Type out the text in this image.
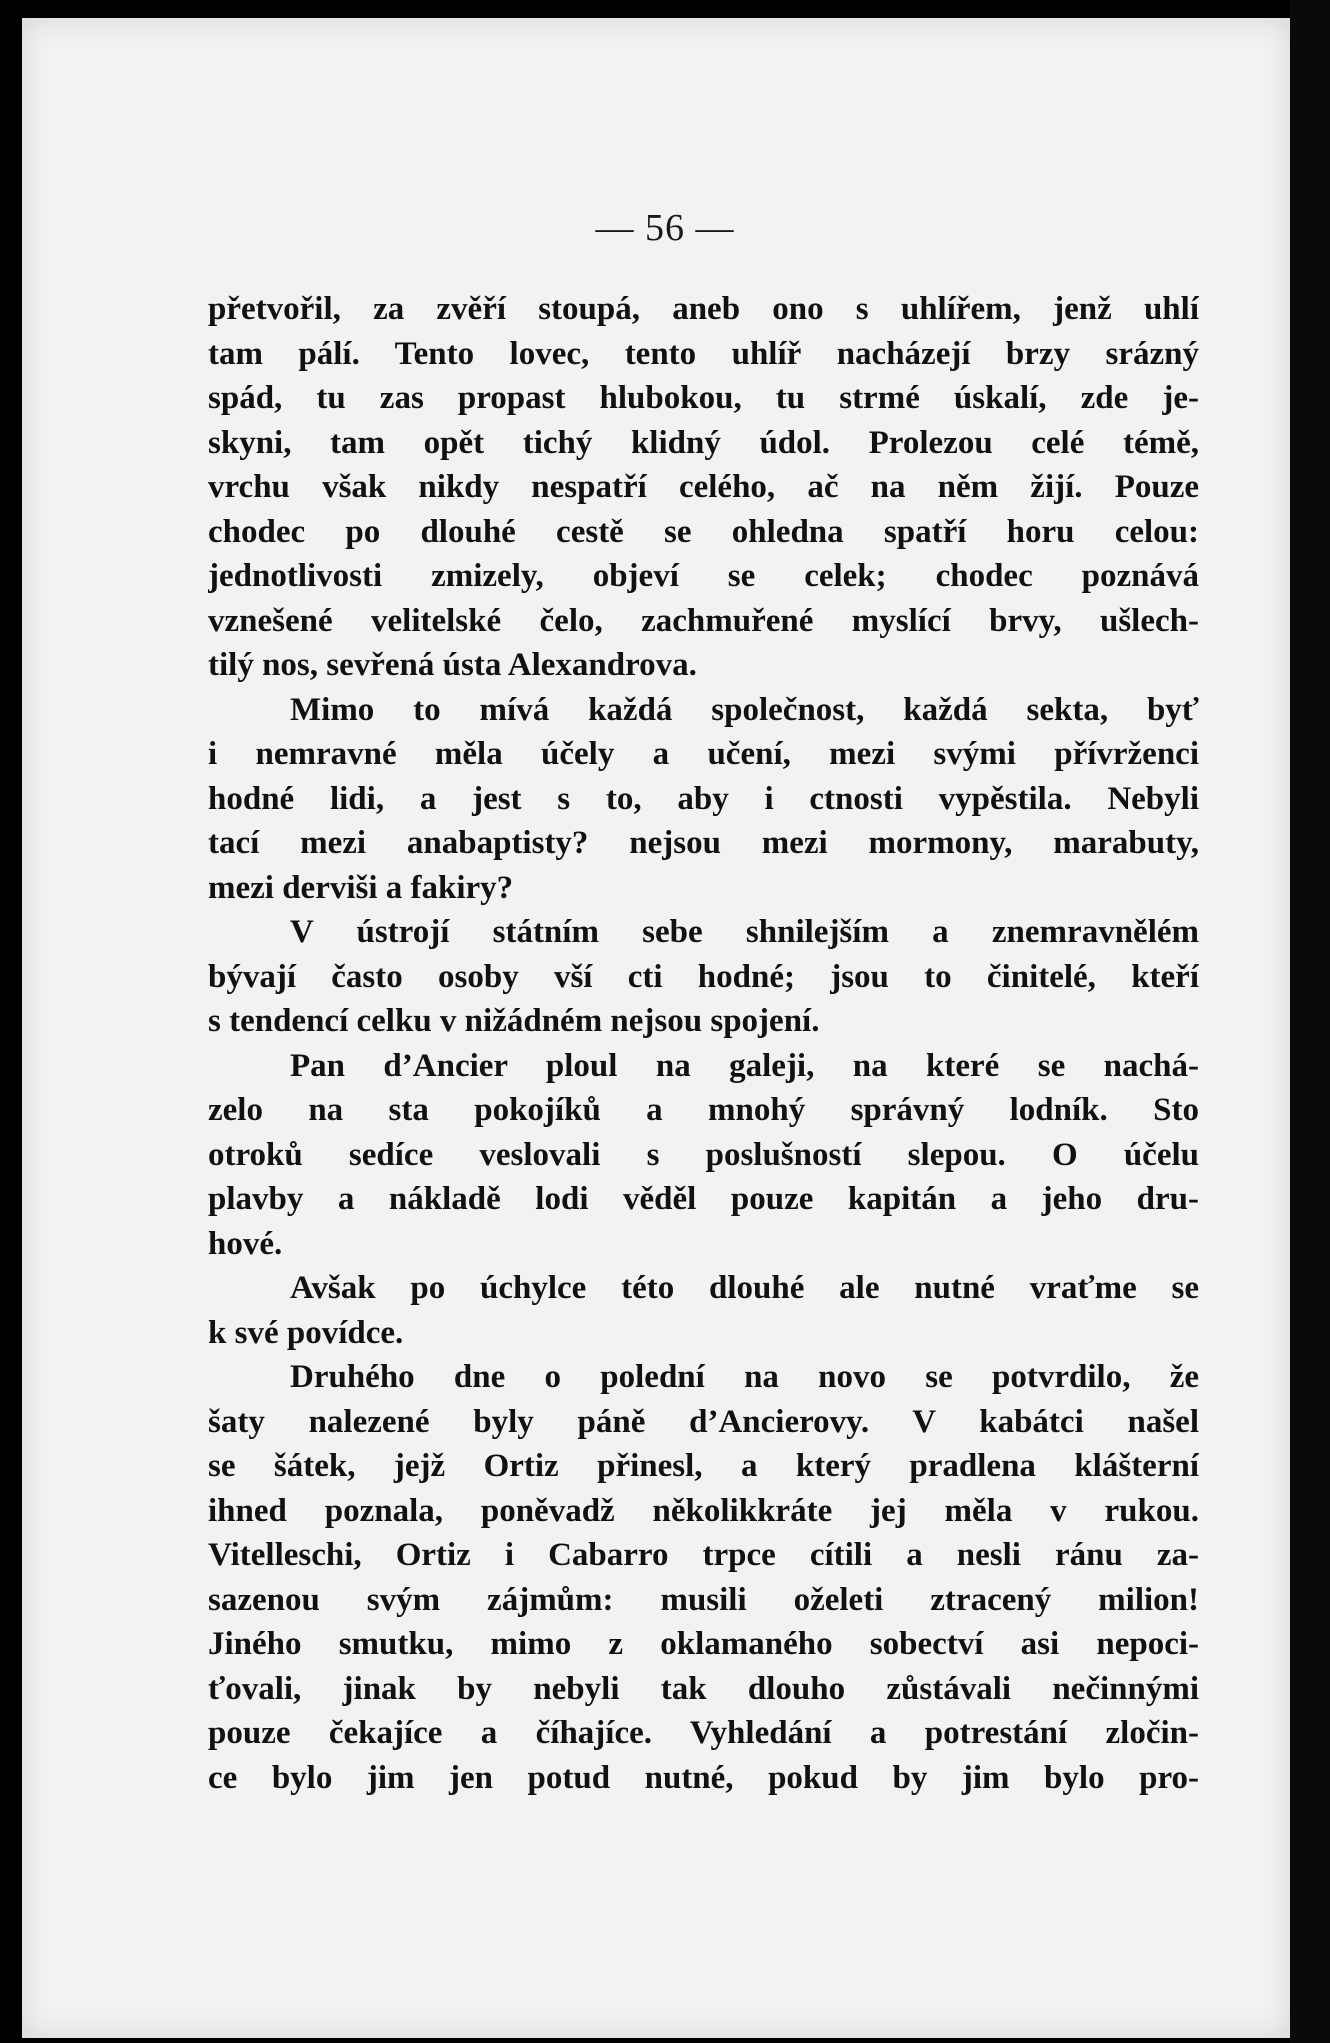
— 56 —
přetvořil, za zvěří stoupá, aneb ono s uhlířem, jenž uhlí
tam pálí. Tento lovec, tento uhlíř nacházejí brzy srázný
spád, tu zas propast hlubokou, tu strmé úskalí, zde je-
skyni, tam opět tichý klidný údol. Prolezou celé témě,
vrchu však nikdy nespatří celého, ač na něm žijí. Pouze
chodec po dlouhé cestě se ohledna spatří horu celou:
jednotlivosti zmizely, objeví se celek; chodec poznává
vznešené velitelské čelo, zachmuřené myslící brvy, ušlech-
tilý nos, sevřená ústa Alexandrova.
Mimo to mívá každá společnost, každá sekta, byť
i nemravné měla účely a učení, mezi svými přívrženci
hodné lidi, a jest s to, aby i ctnosti vypěstila. Nebyli
tací mezi anabaptisty? nejsou mezi mormony, marabuty,
mezi derviši a fakiry?
V ústrojí státním sebe shnilejším a znemravnělém
bývají často osoby vší cti hodné; jsou to činitelé, kteří
s tendencí celku v nižádném nejsou spojení.
Pan d’Ancier ploul na galeji, na které se nachá-
zelo na sta pokojíků a mnohý správný lodník. Sto
otroků sedíce veslovali s poslušností slepou. O účelu
plavby a nákladě lodi věděl pouze kapitán a jeho dru-
hové.
Avšak po úchylce této dlouhé ale nutné vraťme se
k své povídce.
Druhého dne o polední na novo se potvrdilo, že
šaty nalezené byly páně d’Ancierovy. V kabátci našel
se šátek, jejž Ortiz přinesl, a který pradlena klášterní
ihned poznala, poněvadž několikkráte jej měla v rukou.
Vitelleschi, Ortiz i Cabarro trpce cítili a nesli ránu za-
sazenou svým zájmům: musili oželeti ztracený milion!
Jiného smutku, mimo z oklamaného sobectví asi nepoci-
ťovali, jinak by nebyli tak dlouho zůstávali nečinnými
pouze čekajíce a číhajíce. Vyhledání a potrestání zločin-
ce bylo jim jen potud nutné, pokud by jim bylo pro-
